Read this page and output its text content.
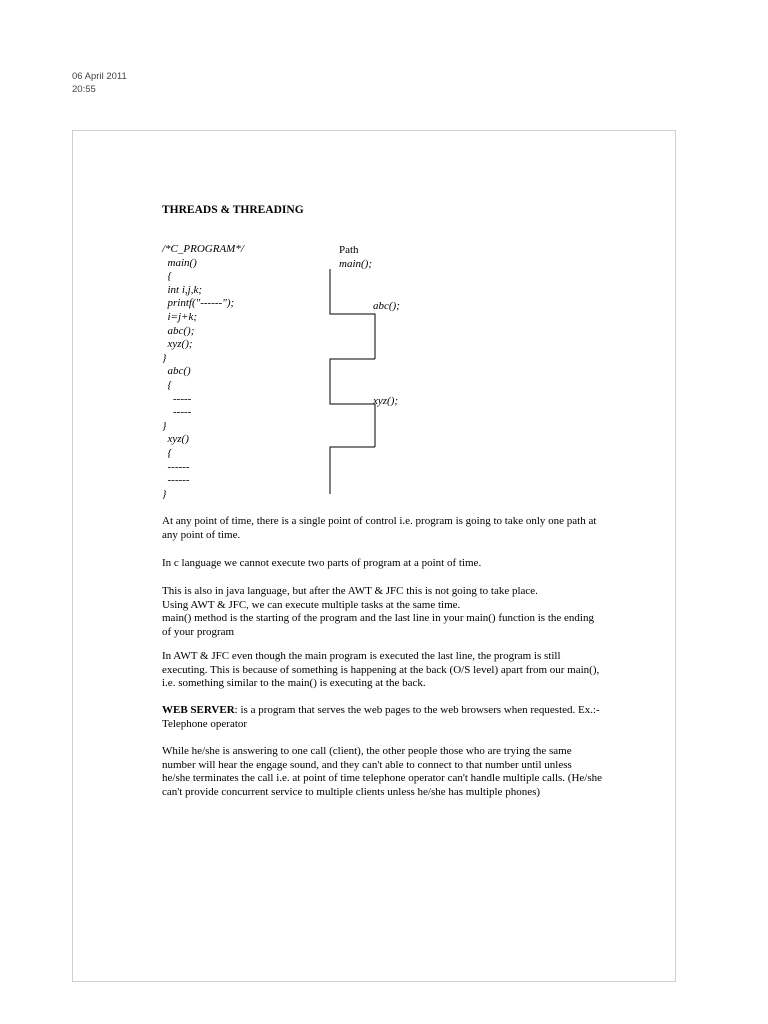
06 April 2011
20:55
THREADS & THREADING
/*C_PROGRAM*/
main()
{
int i,j,k;
printf("------");
i=j+k;
abc();
xyz();
}
abc()
{
-----
-----
}
xyz()
{
------
------
}
Path
main();
abc();
xyz();

At any point of time, there is a single point of control i.e. program is going to take only one path at any point of time.

In c language we cannot execute two parts of program at a point of time.

This is also in java language, but after the AWT & JFC this is not going to take place.

Using AWT & JFC, we can execute multiple tasks at the same time.

main() method is the starting of the program and the last line in your main() function is the ending of your program

In AWT & JFC even though the main program is executed the last line, the program is still executing. This is because of something is happening at the back (O/S level) apart from our main(), i.e. something similar to the main() is executing at the back.

WEB SERVER: is a program that serves the web pages to the web browsers when requested. Ex.:-Telephone operator

While he/she is answering to one call (client), the other people those who are trying the same number will hear the engage sound, and they can't able to connect to that number until unless he/she terminates the call i.e. at point of time telephone operator can't handle multiple calls. (He/she can't provide concurrent service to multiple clients unless he/she has multiple phones)
